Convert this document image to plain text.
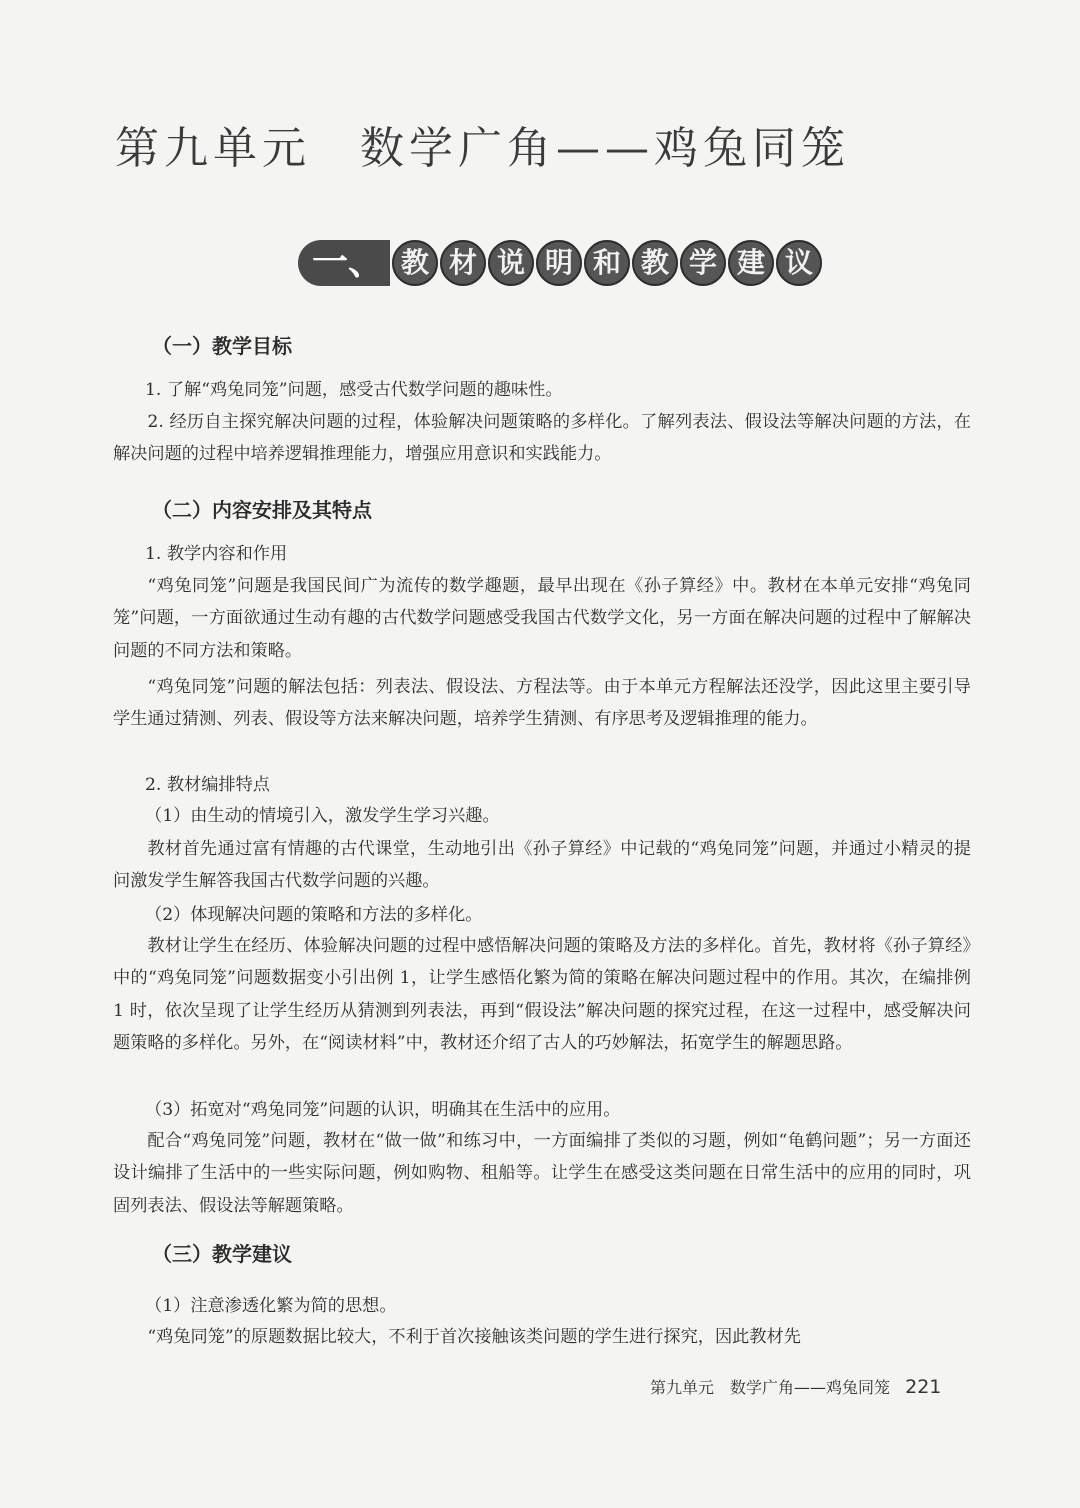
第九单元　数学广角——鸡兔同笼
一、 教 材 说 明 和 教 学 建 议
（一）教学目标
1. 了解“鸡兔同笼”问题，感受古代数学问题的趣味性。
2. 经历自主探究解决问题的过程，体验解决问题策略的多样化。了解列表法、假设法等解决问题的方法，在解决问题的过程中培养逻辑推理能力，增强应用意识和实践能力。
（二）内容安排及其特点
1. 教学内容和作用
“鸡兔同笼”问题是我国民间广为流传的数学趣题，最早出现在《孙子算经》中。教材在本单元安排“鸡兔同笼”问题，一方面欲通过生动有趣的古代数学问题感受我国古代数学文化，另一方面在解决问题的过程中了解解决问题的不同方法和策略。
“鸡兔同笼”问题的解法包括：列表法、假设法、方程法等。由于本单元方程解法还没学，因此这里主要引导学生通过猜测、列表、假设等方法来解决问题，培养学生猜测、有序思考及逻辑推理的能力。
2. 教材编排特点
（1）由生动的情境引入，激发学生学习兴趣。
教材首先通过富有情趣的古代课堂，生动地引出《孙子算经》中记载的“鸡兔同笼”问题，并通过小精灵的提问激发学生解答我国古代数学问题的兴趣。
（2）体现解决问题的策略和方法的多样化。
教材让学生在经历、体验解决问题的过程中感悟解决问题的策略及方法的多样化。首先，教材将《孙子算经》中的“鸡兔同笼”问题数据变小引出例 1，让学生感悟化繁为简的策略在解决问题过程中的作用。其次，在编排例 1 时，依次呈现了让学生经历从猜测到列表法，再到“假设法”解决问题的探究过程，在这一过程中，感受解决问题策略的多样化。另外，在“阅读材料”中，教材还介绍了古人的巧妙解法，拓宽学生的解题思路。
（3）拓宽对“鸡兔同笼”问题的认识，明确其在生活中的应用。
配合“鸡兔同笼”问题，教材在“做一做”和练习中，一方面编排了类似的习题，例如“龟鹤问题”；另一方面还设计编排了生活中的一些实际问题，例如购物、租船等。让学生在感受这类问题在日常生活中的应用的同时，巩固列表法、假设法等解题策略。
（三）教学建议
（1）注意渗透化繁为简的思想。
“鸡兔同笼”的原题数据比较大，不利于首次接触该类问题的学生进行探究，因此教材先
第九单元　数学广角——鸡兔同笼 221
